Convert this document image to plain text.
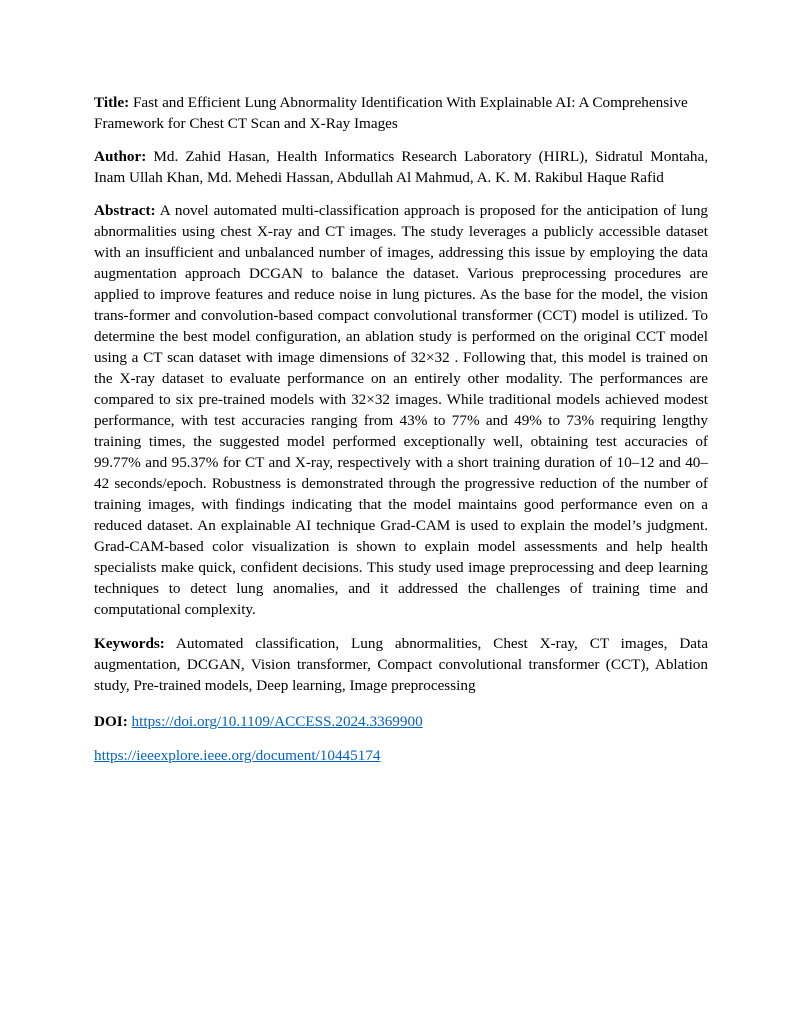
Title: Fast and Efficient Lung Abnormality Identification With Explainable AI: A Comprehensive Framework for Chest CT Scan and X-Ray Images

Author: Md. Zahid Hasan, Health Informatics Research Laboratory (HIRL), Sidratul Montaha, Inam Ullah Khan, Md. Mehedi Hassan, Abdullah Al Mahmud, A. K. M. Rakibul Haque Rafid

Abstract: A novel automated multi-classification approach is proposed for the anticipation of lung abnormalities using chest X-ray and CT images. The study leverages a publicly accessible dataset with an insufficient and unbalanced number of images, addressing this issue by employing the data augmentation approach DCGAN to balance the dataset. Various preprocessing procedures are applied to improve features and reduce noise in lung pictures. As the base for the model, the vision trans-former and convolution-based compact convolutional transformer (CCT) model is utilized. To determine the best model configuration, an ablation study is performed on the original CCT model using a CT scan dataset with image dimensions of 32×32 . Following that, this model is trained on the X-ray dataset to evaluate performance on an entirely other modality. The performances are compared to six pre-trained models with 32×32 images. While traditional models achieved modest performance, with test accuracies ranging from 43% to 77% and 49% to 73% requiring lengthy training times, the suggested model performed exceptionally well, obtaining test accuracies of 99.77% and 95.37% for CT and X-ray, respectively with a short training duration of 10–12 and 40–42 seconds/epoch. Robustness is demonstrated through the progressive reduction of the number of training images, with findings indicating that the model maintains good performance even on a reduced dataset. An explainable AI technique Grad-CAM is used to explain the model’s judgment. Grad-CAM-based color visualization is shown to explain model assessments and help health specialists make quick, confident decisions. This study used image preprocessing and deep learning techniques to detect lung anomalies, and it addressed the challenges of training time and computational complexity.

Keywords: Automated classification, Lung abnormalities, Chest X-ray, CT images, Data augmentation, DCGAN, Vision transformer, Compact convolutional transformer (CCT), Ablation study, Pre-trained models, Deep learning, Image preprocessing

DOI: https://doi.org/10.1109/ACCESS.2024.3369900

https://ieeexplore.ieee.org/document/10445174
